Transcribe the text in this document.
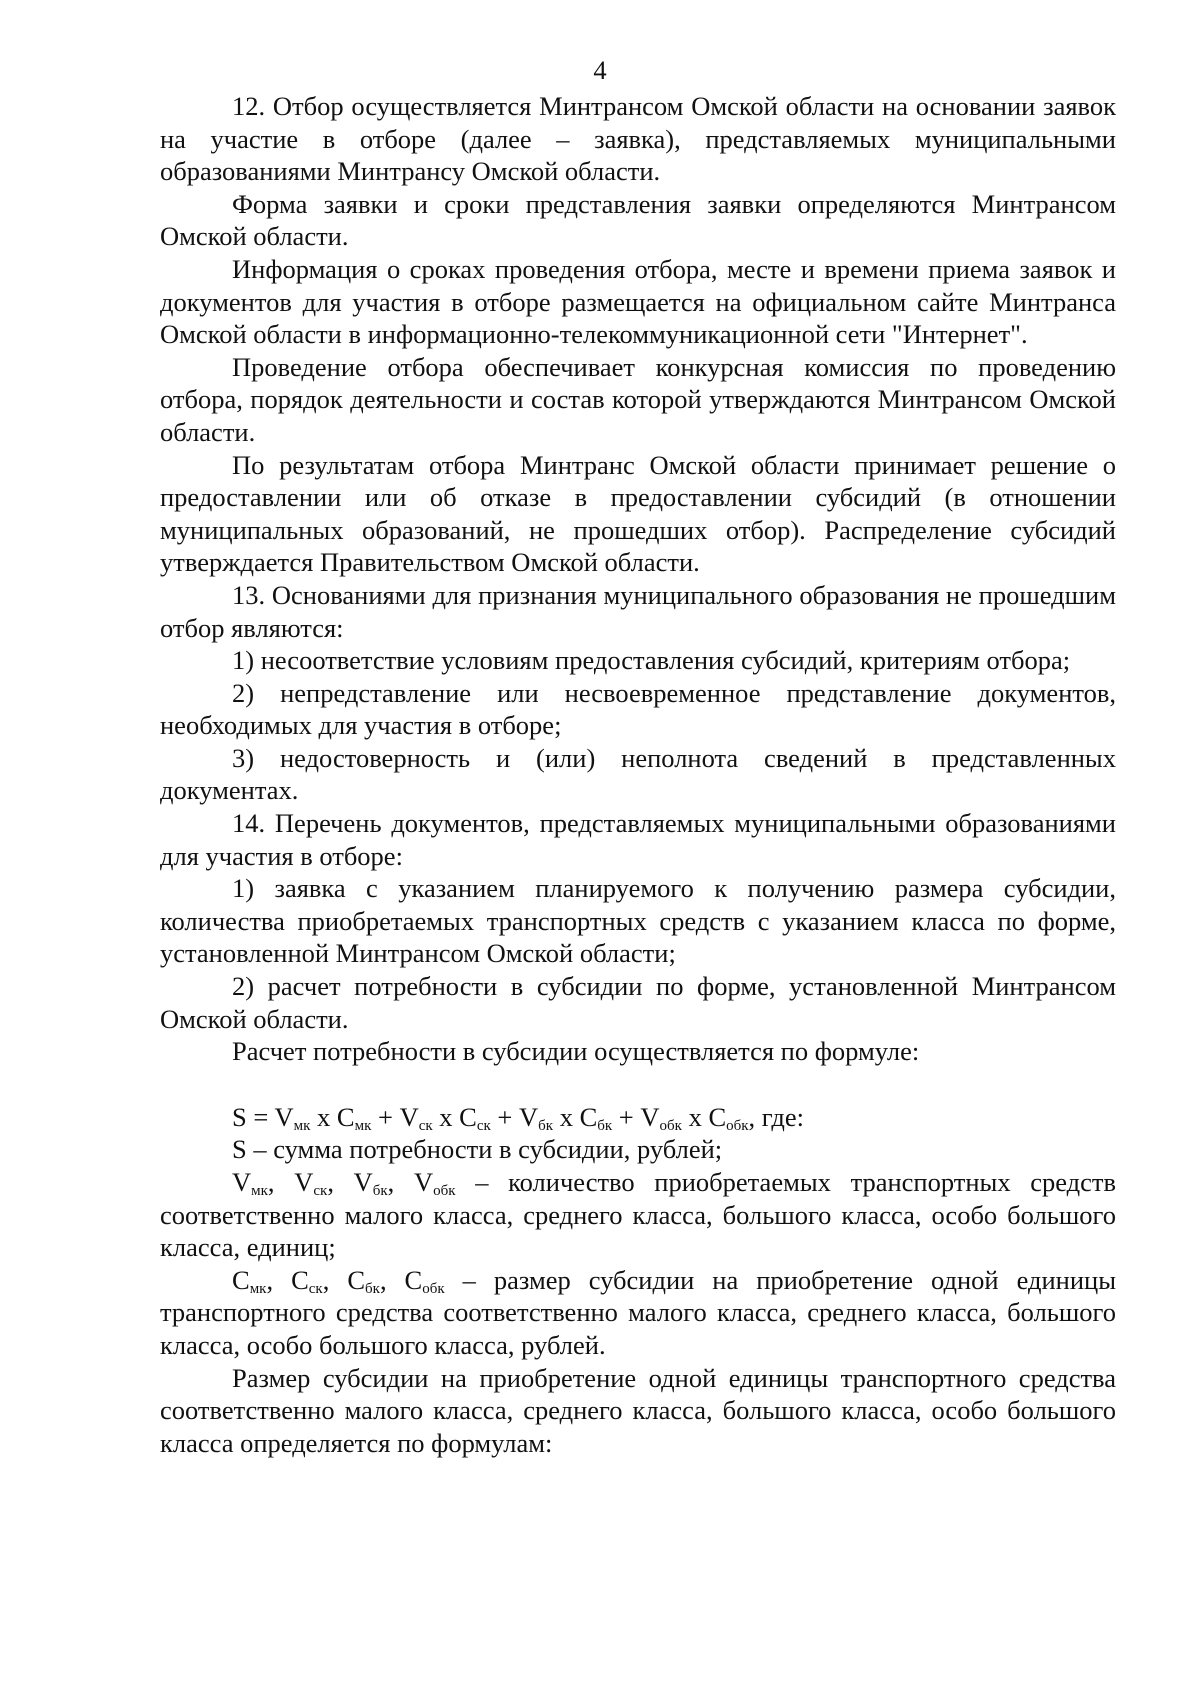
4

12. Отбор осуществляется Минтрансом Омской области на основании заявок на участие в отборе (далее – заявка), представляемых муниципальными образованиями Минтрансу Омской области.

Форма заявки и сроки представления заявки определяются Минтрансом Омской области.

Информация о сроках проведения отбора, месте и времени приема заявок и документов для участия в отборе размещается на официальном сайте Минтранса Омской области в информационно-телекоммуникационной сети "Интернет".

Проведение отбора обеспечивает конкурсная комиссия по проведению отбора, порядок деятельности и состав которой утверждаются Минтрансом Омской области.

По результатам отбора Минтранс Омской области принимает решение о предоставлении или об отказе в предоставлении субсидий (в отношении муниципальных образований, не прошедших отбор). Распределение субсидий утверждается Правительством Омской области.

13. Основаниями для признания муниципального образования не прошедшим отбор являются:

1) несоответствие условиям предоставления субсидий, критериям отбора;

2) непредставление или несвоевременное представление документов, необходимых для участия в отборе;

3) недостоверность и (или) неполнота сведений в представленных документах.

14. Перечень документов, представляемых муниципальными образованиями для участия в отборе:

1) заявка с указанием планируемого к получению размера субсидии, количества приобретаемых транспортных средств с указанием класса по форме, установленной Минтрансом Омской области;

2) расчет потребности в субсидии по форме, установленной Минтрансом Омской области.

Расчет потребности в субсидии осуществляется по формуле:

$S = V_{мк}$ х $C_{мк} + V_{ск}$ х $C_{ск} + V_{бк}$ х $C_{бк} + V_{обк}$ х $C_{обк}$, где:

S – сумма потребности в субсидии, рублей;

$V_{мк}$, $V_{ск}$, $V_{бк}$, $V_{обк}$ – количество приобретаемых транспортных средств соответственно малого класса, среднего класса, большого класса, особо большого класса, единиц;

$C_{мк}$, $C_{ск}$, $C_{бк}$, $C_{обк}$ – размер субсидии на приобретение одной единицы транспортного средства соответственно малого класса, среднего класса, большого класса, особо большого класса, рублей.

Размер субсидии на приобретение одной единицы транспортного средства соответственно малого класса, среднего класса, большого класса, особо большого класса определяется по формулам:
